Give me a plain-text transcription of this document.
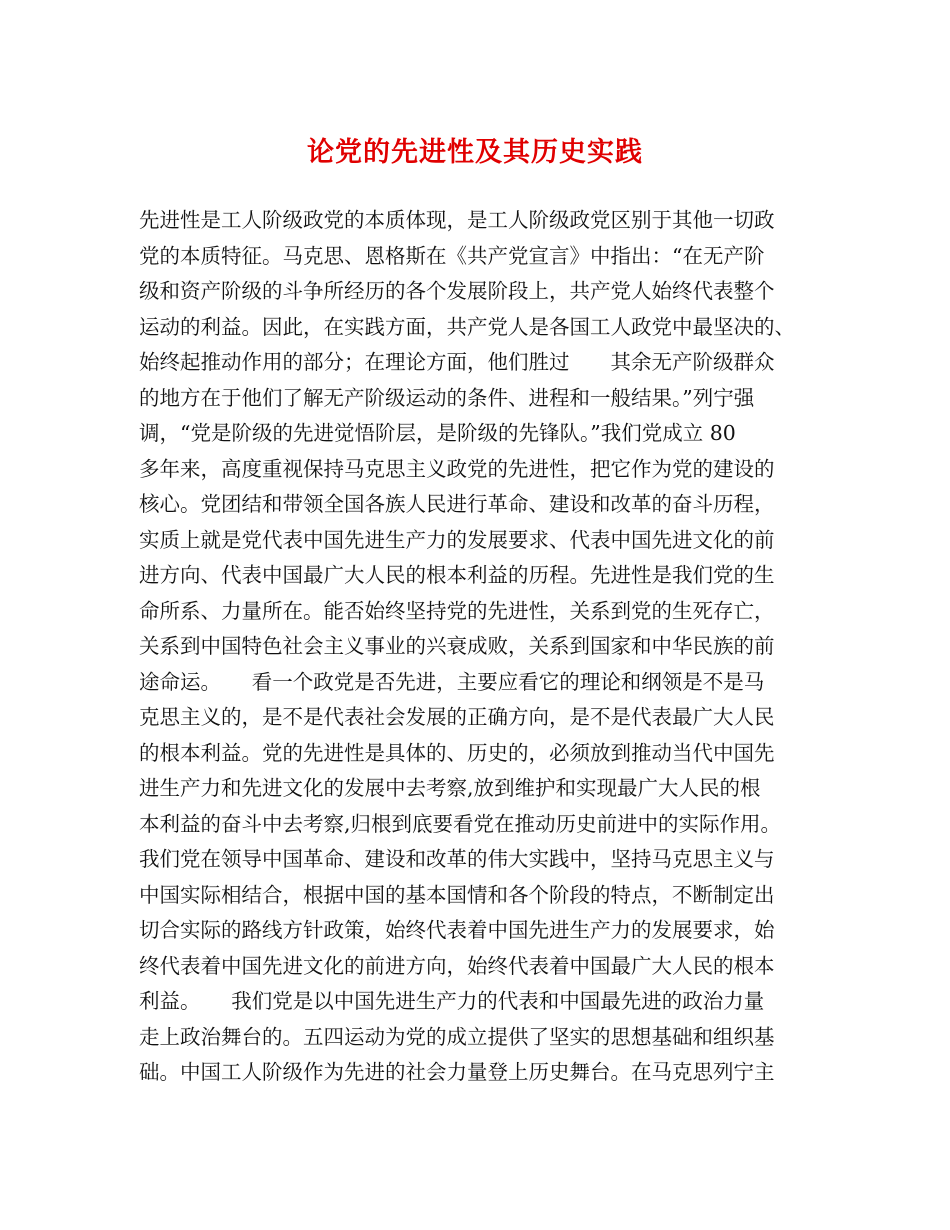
论党的先进性及其历史实践
先进性是工人阶级政党的本质体现，是工人阶级政党区别于其他一切政
党的本质特征。马克思、恩格斯在《共产党宣言》中指出：“在无产阶
级和资产阶级的斗争所经历的各个发展阶段上，共产党人始终代表整个
运动的利益。因此，在实践方面，共产党人是各国工人政党中最坚决的、
始终起推动作用的部分；在理论方面，他们胜过　　其余无产阶级群众
的地方在于他们了解无产阶级运动的条件、进程和一般结果。”列宁强
调，“党是阶级的先进觉悟阶层，是阶级的先锋队。”我们党成立 80
多年来，高度重视保持马克思主义政党的先进性，把它作为党的建设的
核心。党团结和带领全国各族人民进行革命、建设和改革的奋斗历程，
实质上就是党代表中国先进生产力的发展要求、代表中国先进文化的前
进方向、代表中国最广大人民的根本利益的历程。先进性是我们党的生
命所系、力量所在。能否始终坚持党的先进性，关系到党的生死存亡，
关系到中国特色社会主义事业的兴衰成败，关系到国家和中华民族的前
途命运。　　看一个政党是否先进，主要应看它的理论和纲领是不是马
克思主义的，是不是代表社会发展的正确方向，是不是代表最广大人民
的根本利益。党的先进性是具体的、历史的，必须放到推动当代中国先
进生产力和先进文化的发展中去考察,放到维护和实现最广大人民的根
本利益的奋斗中去考察,归根到底要看党在推动历史前进中的实际作用。
我们党在领导中国革命、建设和改革的伟大实践中，坚持马克思主义与
中国实际相结合，根据中国的基本国情和各个阶段的特点，不断制定出
切合实际的路线方针政策，始终代表着中国先进生产力的发展要求，始
终代表着中国先进文化的前进方向，始终代表着中国最广大人民的根本
利益。　　我们党是以中国先进生产力的代表和中国最先进的政治力量
走上政治舞台的。五四运动为党的成立提供了坚实的思想基础和组织基
础。中国工人阶级作为先进的社会力量登上历史舞台。在马克思列宁主
